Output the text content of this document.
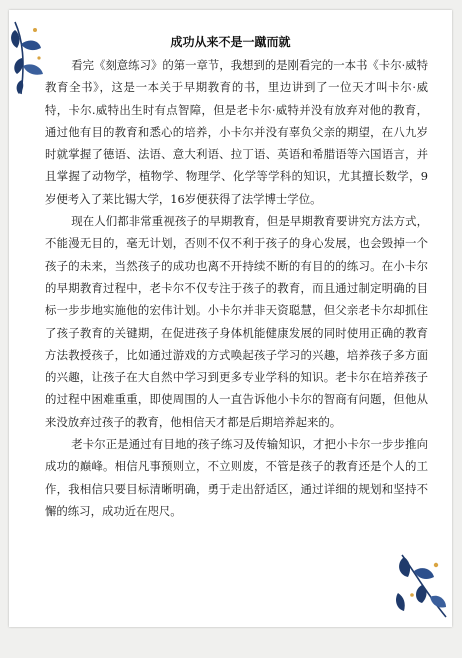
成功从来不是一蹴而就

看完《刻意练习》的第一章节，我想到的是刚看完的一本书《卡尔·威特教育全书》，这是一本关于早期教育的书，里边讲到了一位天才叫卡尔·威特，卡尔.威特出生时有点智障，但是老卡尔·威特并没有放弃对他的教育，通过他有目的教育和悉心的培养，小卡尔并没有辜负父亲的期望，在八九岁时就掌握了德语、法语、意大利语、拉丁语、英语和希腊语等六国语言，并且掌握了动物学，植物学、物理学、化学等学科的知识，尤其擅长数学，9岁便考入了莱比锡大学，16岁便获得了法学博士学位。

现在人们都非常重视孩子的早期教育，但是早期教育要讲究方法方式，不能漫无目的，毫无计划，否则不仅不利于孩子的身心发展，也会毁掉一个孩子的未来，当然孩子的成功也离不开持续不断的有目的的练习。在小卡尔的早期教育过程中，老卡尔不仅专注于孩子的教育，而且通过制定明确的目标一步步地实施他的宏伟计划。小卡尔并非天资聪慧，但父亲老卡尔却抓住了孩子教育的关键期，在促进孩子身体机能健康发展的同时使用正确的教育方法教授孩子，比如通过游戏的方式唤起孩子学习的兴趣，培养孩子多方面的兴趣，让孩子在大自然中学习到更多专业学科的知识。老卡尔在培养孩子的过程中困难重重，即使周围的人一直告诉他小卡尔的智商有问题，但他从来没放弃过孩子的教育，他相信天才都是后期培养起来的。

老卡尔正是通过有目地的孩子练习及传输知识，才把小卡尔一步步推向成功的巅峰。相信凡事预则立，不立则废，不管是孩子的教育还是个人的工作，我相信只要目标清晰明确，勇于走出舒适区，通过详细的规划和坚持不懈的练习，成功近在咫尺。
